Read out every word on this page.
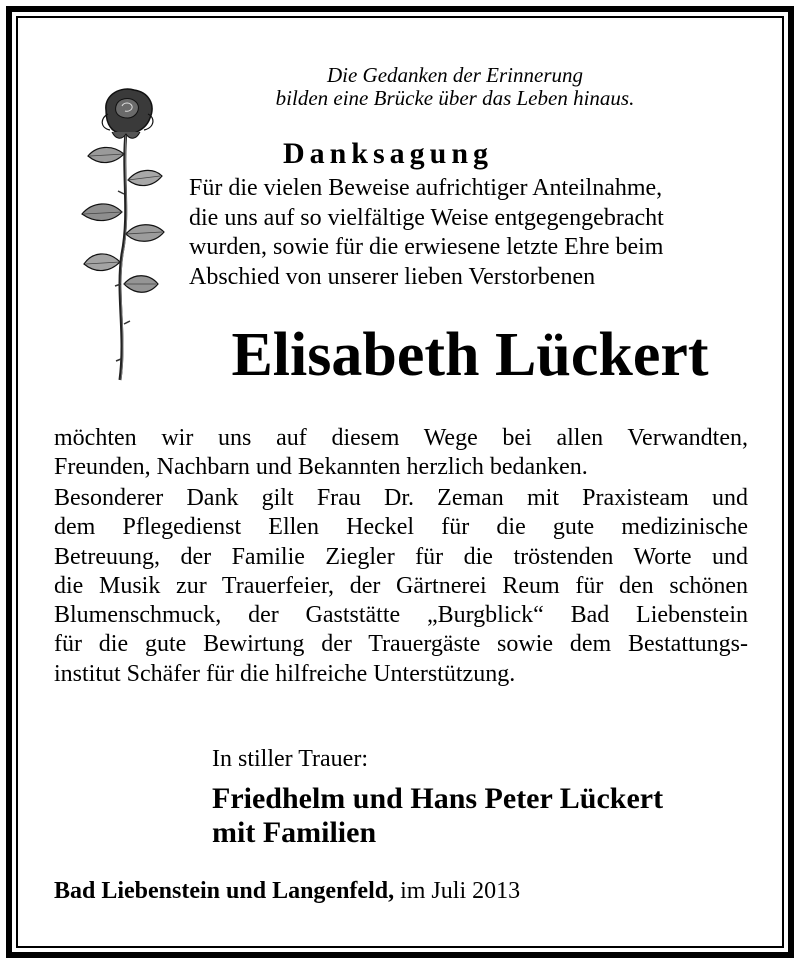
Die Gedanken der Erinnerung
bilden eine Brücke über das Leben hinaus.
Danksagung
Für die vielen Beweise aufrichtiger Anteilnahme,
die uns auf so vielfältige Weise entgegengebracht
wurden, sowie für die erwiesene letzte Ehre beim
Abschied von unserer lieben Verstorbenen
Elisabeth Lückert
möchten wir uns auf diesem Wege bei allen Verwandten,
Freunden, Nachbarn und Bekannten herzlich bedanken.
Besonderer Dank gilt Frau Dr. Zeman mit Praxisteam und
dem Pflegedienst Ellen Heckel für die gute medizinische
Betreuung, der Familie Ziegler für die tröstenden Worte und
die Musik zur Trauerfeier, der Gärtnerei Reum für den schönen
Blumenschmuck, der Gaststätte „Burgblick“ Bad Liebenstein
für die gute Bewirtung der Trauergäste sowie dem Bestattungs-
institut Schäfer für die hilfreiche Unterstützung.
In stiller Trauer:
Friedhelm und Hans Peter Lückert
mit Familien
Bad Liebenstein und Langenfeld, im Juli 2013
